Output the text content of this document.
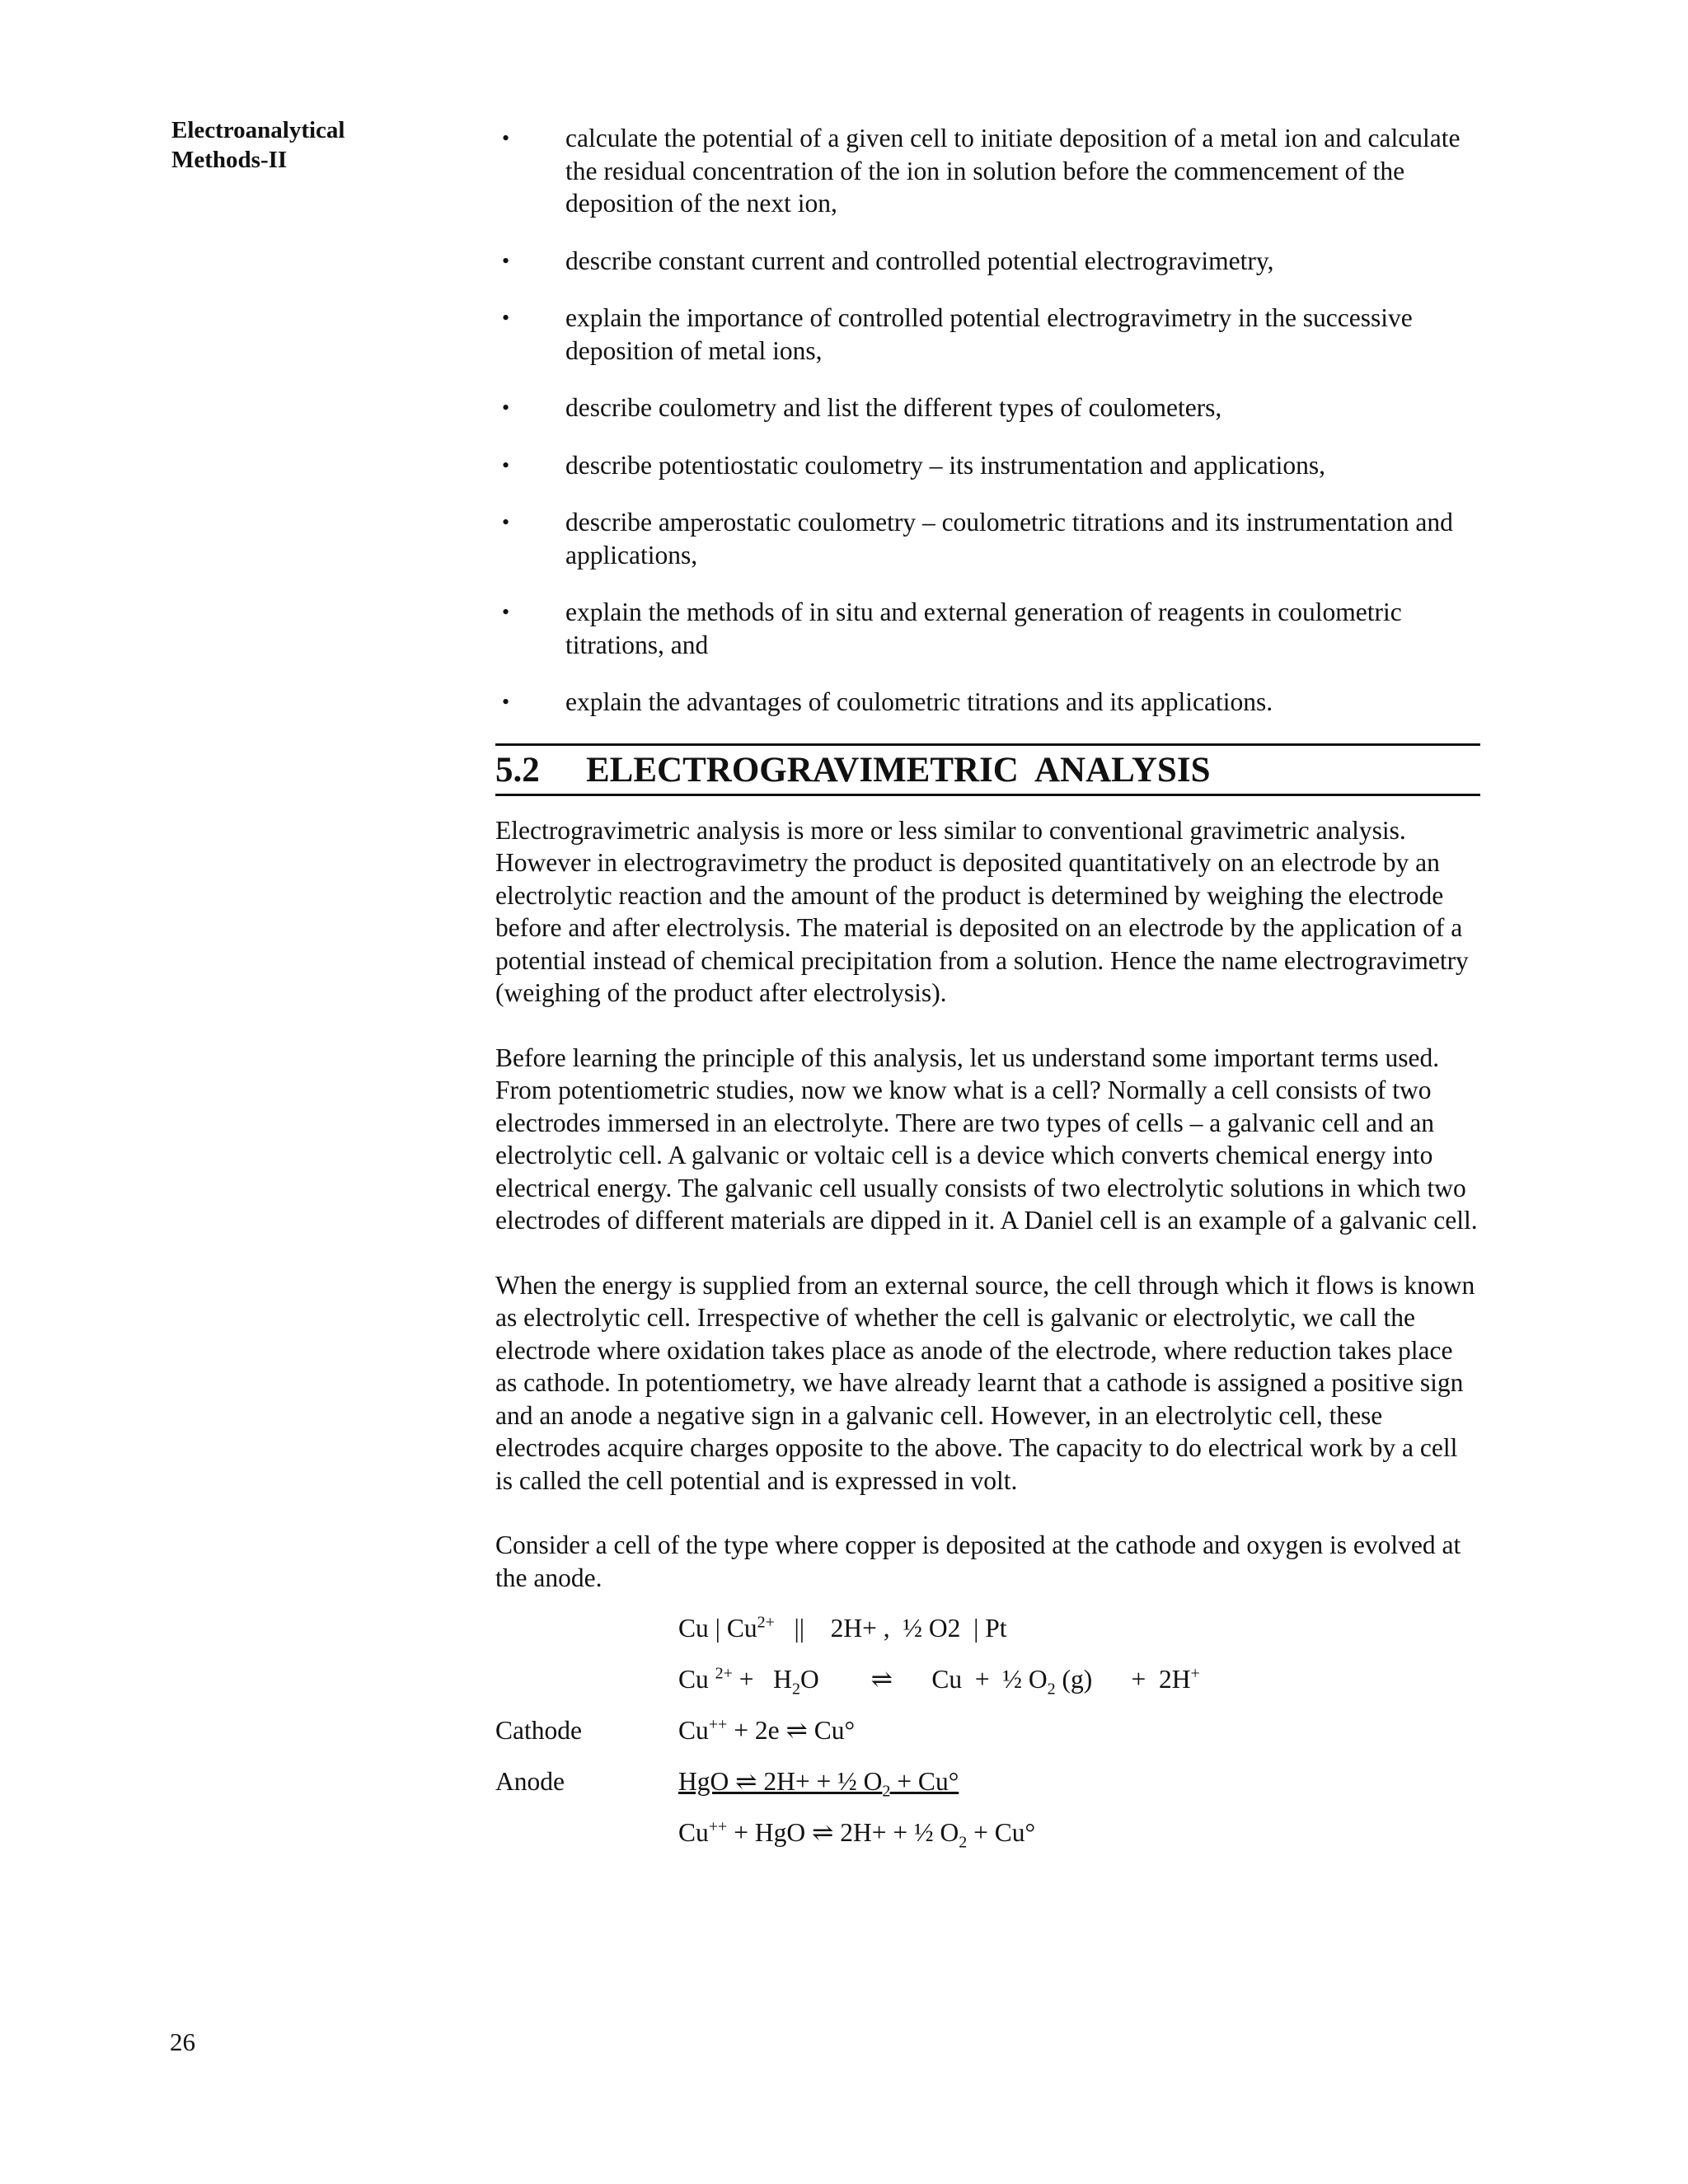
Electroanalytical
Methods-II
• calculate the potential of a given cell to initiate deposition of a metal ion and calculate the residual concentration of the ion in solution before the commencement of the deposition of the next ion,
• describe constant current and controlled potential electrogravimetry,
• explain the importance of controlled potential electrogravimetry in the successive deposition of metal ions,
• describe coulometry and list the different types of coulometers,
• describe potentiostatic coulometry – its instrumentation and applications,
• describe amperostatic coulometry – coulometric titrations and its instrumentation and applications,
• explain the methods of in situ and external generation of reagents in coulometric titrations, and
• explain the advantages of coulometric titrations and its applications.
5.2	ELECTROGRAVIMETRIC  ANALYSIS

Electrogravimetric analysis is more or less similar to conventional gravimetric analysis. However in electrogravimetry the product is deposited quantitatively on an electrode by an electrolytic reaction and the amount of the product is determined by weighing the electrode before and after electrolysis. The material is deposited on an electrode by the application of a potential instead of chemical precipitation from a solution. Hence the name electrogravimetry (weighing of the product after electrolysis).

Before learning the principle of this analysis, let us understand some important terms used. From potentiometric studies, now we know what is a cell? Normally a cell consists of two electrodes immersed in an electrolyte. There are two types of cells – a galvanic cell and an electrolytic cell. A galvanic or voltaic cell is a device which converts chemical energy into electrical energy. The galvanic cell usually consists of two electrolytic solutions in which two electrodes of different materials are dipped in it. A Daniel cell is an example of a galvanic cell.

When the energy is supplied from an external source, the cell through which it flows is known as electrolytic cell. Irrespective of whether the cell is galvanic or electrolytic, we call the electrode where oxidation takes place as anode of the electrode, where reduction takes place as cathode. In potentiometry, we have already learnt that a cathode is assigned a positive sign and an anode a negative sign in a galvanic cell. However, in an electrolytic cell, these electrodes acquire charges opposite to the above. The capacity to do electrical work by a cell is called the cell potential and is expressed in volt.

Consider a cell of the type where copper is deposited at the cathode and oxygen is evolved at the anode.

Cu | $Cu^{2+}$   ||    2H+ ,  ½ O2  | Pt
Cu $^{2+} + H_2O$        ⇌      Cu  +  ½ $O_2$ (g)      +  2H+
Cathode	Cu++ + 2e ⇌ Cu°
Anode	HgO ⇌ 2H+ + ½ $O_2 + Cu^\circ$
Cu++ + HgO ⇌ 2H+ + ½ $O_2 + Cu^\circ$
26
